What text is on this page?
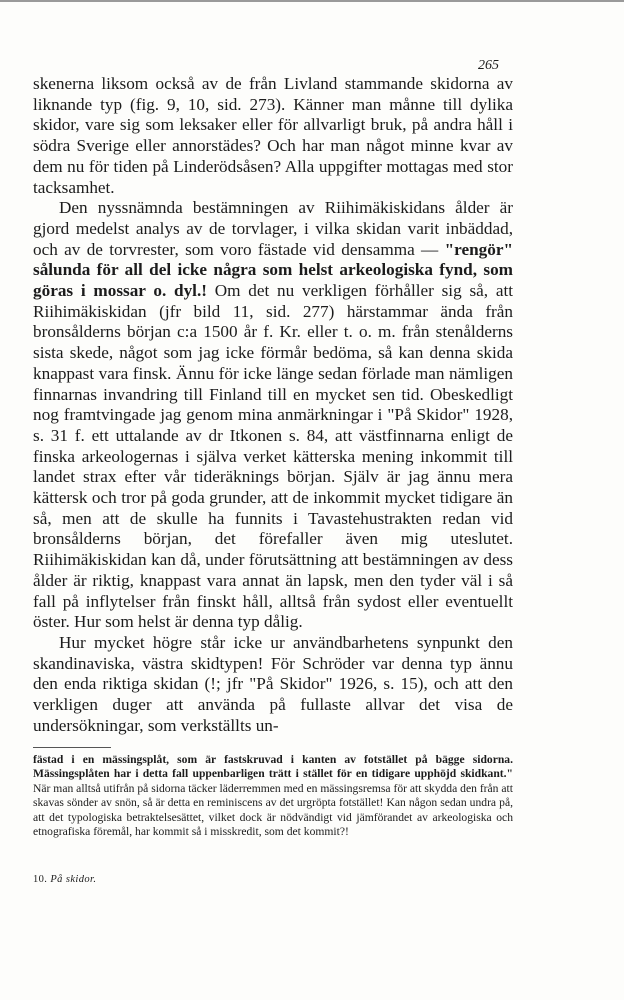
265

skenerna liksom också av de från Livland stammande skidorna av liknande typ (fig. 9, 10, sid. 273). Känner man månne till dylika skidor, vare sig som leksaker eller för allvarligt bruk, på andra håll i södra Sverige eller annorstädes? Och har man något minne kvar av dem nu för tiden på Linderödsåsen? Alla uppgifter mottagas med stor tacksamhet.

Den nyssnämnda bestämningen av Riihimäkiskidans ålder är gjord medelst analys av de torvlager, i vilka skidan varit inbäddad, och av de torvrester, som voro fästade vid densamma — "rengör" sålunda för all del icke några som helst arkeologiska fynd, som göras i mossar o. dyl.! Om det nu verkligen förhåller sig så, att Riihimäkiskidan (jfr bild 11, sid. 277) härstammar ända från bronsålderns början c:a 1500 år f. Kr. eller t. o. m. från stenålderns sista skede, något som jag icke förmår bedöma, så kan denna skida knappast vara finsk. Ännu för icke länge sedan förlade man nämligen finnarnas invandring till Finland till en mycket sen tid. Obeskedligt nog framtvingade jag genom mina anmärkningar i "På Skidor" 1928, s. 31 f. ett uttalande av dr Itkonen s. 84, att västfinnarna enligt de finska arkeologernas i själva verket kätterska mening inkommit till landet strax efter vår tideräknings början. Själv är jag ännu mera kättersk och tror på goda grunder, att de inkommit mycket tidigare än så, men att de skulle ha funnits i Tavastehustrakten redan vid bronsålderns början, det förefaller även mig uteslutet. Riihimäkiskidan kan då, under förutsättning att bestämningen av dess ålder är riktig, knappast vara annat än lapsk, men den tyder väl i så fall på inflytelser från finskt håll, alltså från sydost eller eventuellt öster. Hur som helst är denna typ dålig.

Hur mycket högre står icke ur användbarhetens synpunkt den skandinaviska, västra skidtypen! För Schröder var denna typ ännu den enda riktiga skidan (!; jfr "På Skidor" 1926, s. 15), och att den verkligen duger att använda på fullaste allvar det visa de undersökningar, som verkställts un-

fästad i en mässingsplåt, som är fastskruvad i kanten av fotstället på bägge sidorna. Mässingsplåten har i detta fall uppenbarligen trätt i stället för en tidigare upphöjd skidkant." När man alltså utifrån på sidorna täcker läderremmen med en mässingsremsa för att skydda den från att skavas sönder av snön, så är detta en reminiscens av det urgröpta fotstället! Kan någon sedan undra på, att det typologiska betraktelsesättet, vilket dock är nödvändigt vid jämförandet av arkeologiska och etnografiska föremål, har kommit så i misskredit, som det kommit?!

10. På skidor.
